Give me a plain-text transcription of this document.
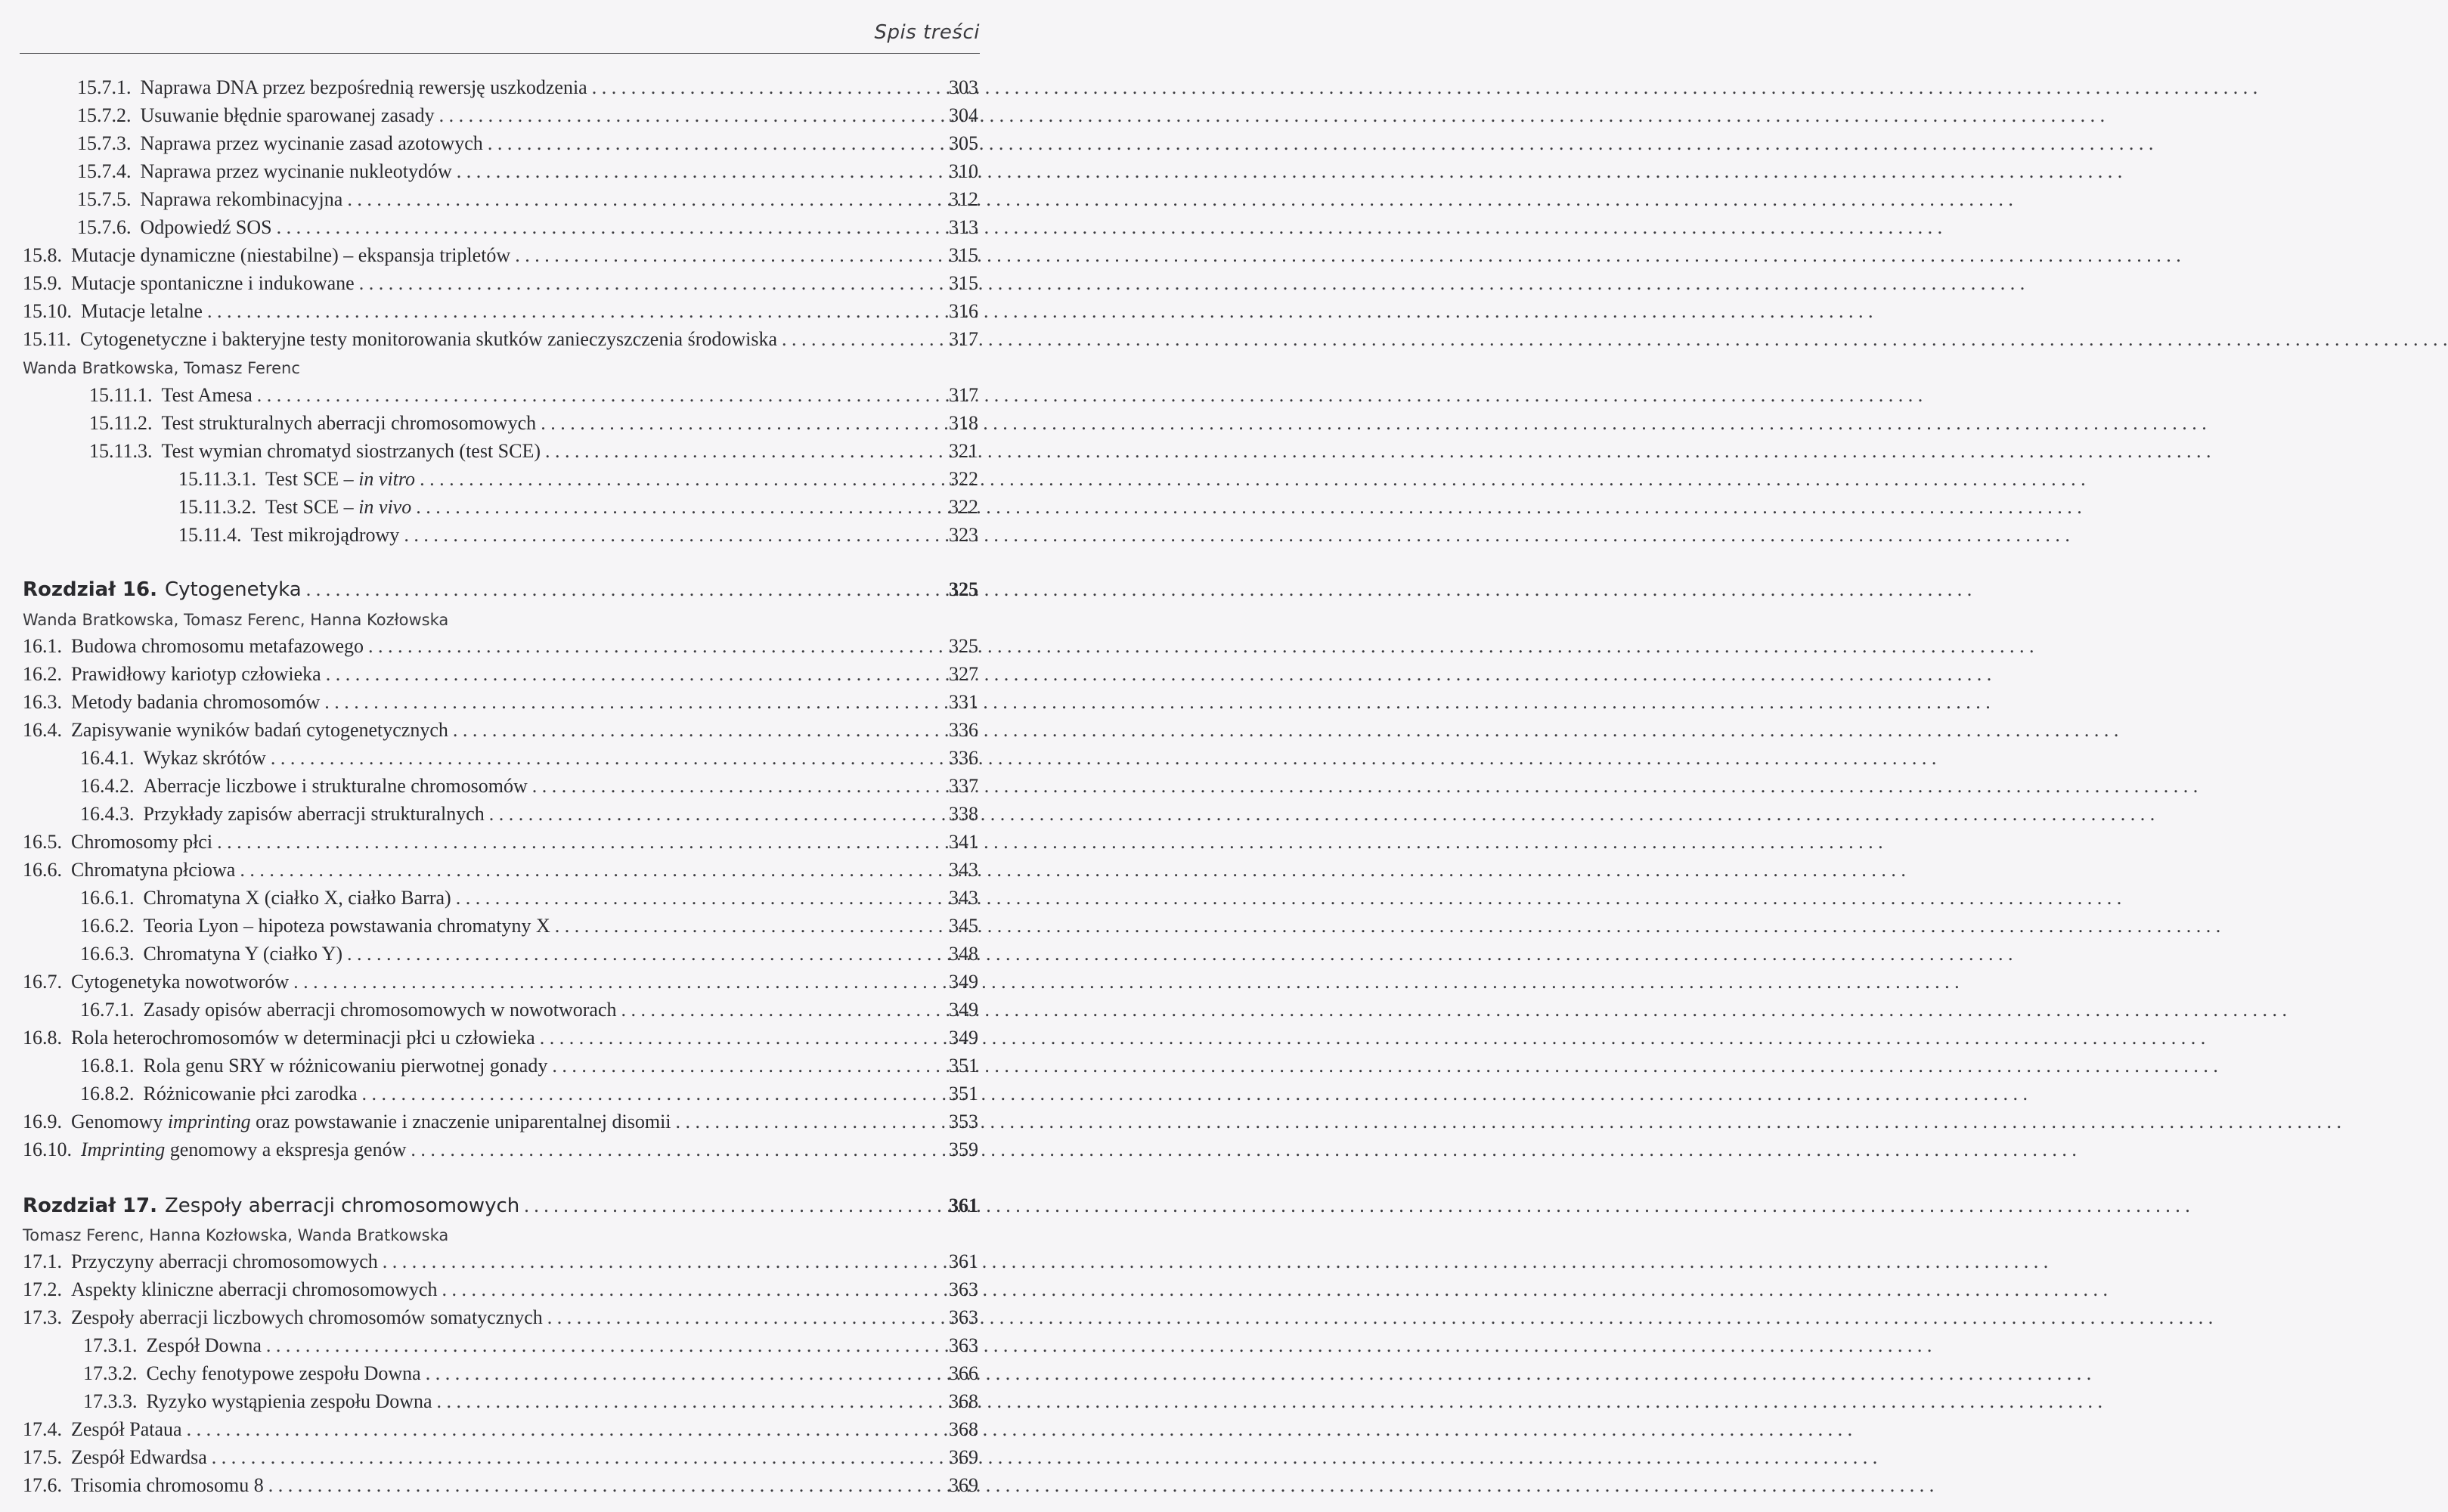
Spis treści
15.7.1. Naprawa DNA przez bezpośrednią rewersję uszkodzenia . . .	303
15.7.2. Usuwanie błędnie sparowanej zasady . . .	304
15.7.3. Naprawa przez wycinanie zasad azotowych . . .	305
15.7.4. Naprawa przez wycinanie nukleotydów . . .	310
15.7.5. Naprawa rekombinacyjna . . .	312
15.7.6. Odpowiedź SOS . . .	313
15.8. Mutacje dynamiczne (niestabilne) – ekspansja tripletów . . .	315
15.9. Mutacje spontaniczne i indukowane . . .	315
15.10. Mutacje letalne . . .	316
15.11. Cytogenetyczne i bakteryjne testy monitorowania skutków zanieczyszczenia środowiska . . .	317
Wanda Bratkowska, Tomasz Ferenc
15.11.1. Test Amesa . . .	317
15.11.2. Test strukturalnych aberracji chromosomowych . . .	318
15.11.3. Test wymian chromatyd siostrzanych (test SCE) . . .	321
15.11.3.1. Test SCE – in vitro . . .	322
15.11.3.2. Test SCE – in vivo . . .	322
15.11.4. Test mikrojądrowy . . .	323
Rozdział 16. Cytogenetyka . . .	325
Wanda Bratkowska, Tomasz Ferenc, Hanna Kozłowska
16.1. Budowa chromosomu metafazowego . . .	325
16.2. Prawidłowy kariotyp człowieka . . .	327
16.3. Metody badania chromosomów . . .	331
16.4. Zapisywanie wyników badań cytogenetycznych . . .	336
16.4.1. Wykaz skrótów . . .	336
16.4.2. Aberracje liczbowe i strukturalne chromosomów . . .	337
16.4.3. Przykłady zapisów aberracji strukturalnych . . .	338
16.5. Chromosomy płci . . .	341
16.6. Chromatyna płciowa . . .	343
16.6.1. Chromatyna X (ciałko X, ciałko Barra) . . .	343
16.6.2. Teoria Lyon – hipoteza powstawania chromatyny X . . .	345
16.6.3. Chromatyna Y (ciałko Y) . . .	348
16.7. Cytogenetyka nowotworów . . .	349
16.7.1. Zasady opisów aberracji chromosomowych w nowotworach . . .	349
16.8. Rola heterochromosomów w determinacji płci u człowieka . . .	349
16.8.1. Rola genu SRY w różnicowaniu pierwotnej gonady . . .	351
16.8.2. Różnicowanie płci zarodka . . .	351
16.9. Genomowy imprinting oraz powstawanie i znaczenie uniparentalnej disomii . . .	353
16.10. Imprinting genomowy a ekspresja genów . . .	359
Rozdział 17. Zespoły aberracji chromosomowych . . .	361
Tomasz Ferenc, Hanna Kozłowska, Wanda Bratkowska
17.1. Przyczyny aberracji chromosomowych . . .	361
17.2. Aspekty kliniczne aberracji chromosomowych . . .	363
17.3. Zespoły aberracji liczbowych chromosomów somatycznych . . .	363
17.3.1. Zespół Downa . . .	363
17.3.2. Cechy fenotypowe zespołu Downa . . .	366
17.3.3. Ryzyko wystąpienia zespołu Downa . . .	368
17.4. Zespół Pataua . . .	368
17.5. Zespół Edwardsa . . .	369
17.6. Trisomia chromosomu 8 . . .	369
